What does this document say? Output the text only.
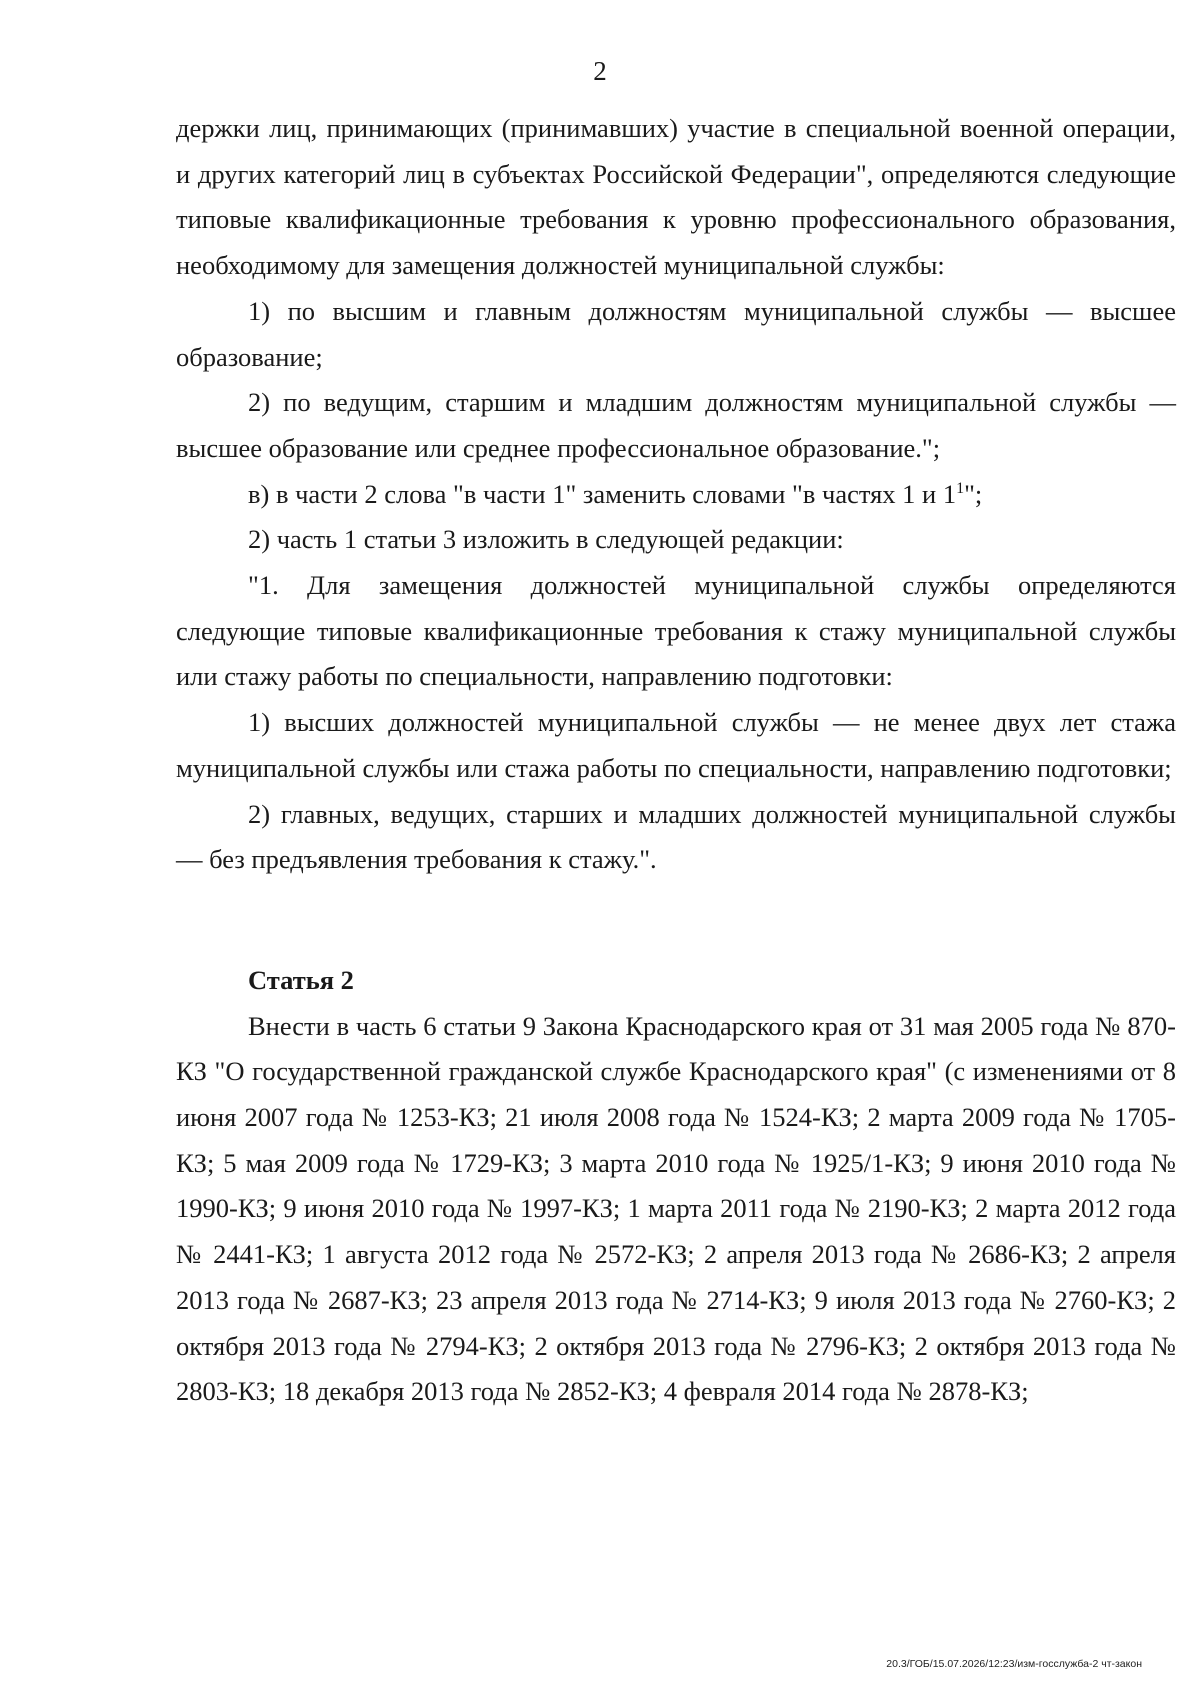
2

держки лиц, принимающих (принимавших) участие в специальной военной операции, и других категорий лиц в субъектах Российской Федерации", определяются следующие типовые квалификационные требования к уровню профессионального образования, необходимому для замещения должностей муниципальной службы:

1) по высшим и главным должностям муниципальной службы — высшее образование;

2) по ведущим, старшим и младшим должностям муниципальной службы — высшее образование или среднее профессиональное образование.";

в) в части 2 слова "в части 1" заменить словами "в частях 1 и $1^1$";

2) часть 1 статьи 3 изложить в следующей редакции:

"1. Для замещения должностей муниципальной службы определяются следующие типовые квалификационные требования к стажу муниципальной службы или стажу работы по специальности, направлению подготовки:

1) высших должностей муниципальной службы — не менее двух лет стажа муниципальной службы или стажа работы по специальности, направлению подготовки;

2) главных, ведущих, старших и младших должностей муниципальной службы — без предъявления требования к стажу.".

Статья 2

Внести в часть 6 статьи 9 Закона Краснодарского края от 31 мая 2005 года № 870-КЗ "О государственной гражданской службе Краснодарского края" (с изменениями от 8 июня 2007 года № 1253-КЗ; 21 июля 2008 года № 1524-КЗ; 2 марта 2009 года № 1705-КЗ; 5 мая 2009 года № 1729-КЗ; 3 марта 2010 года № 1925/1-КЗ; 9 июня 2010 года № 1990-КЗ; 9 июня 2010 года № 1997-КЗ; 1 марта 2011 года № 2190-КЗ; 2 марта 2012 года № 2441-КЗ; 1 августа 2012 года № 2572-КЗ; 2 апреля 2013 года № 2686-КЗ; 2 апреля 2013 года № 2687-КЗ; 23 апреля 2013 года № 2714-КЗ; 9 июля 2013 года № 2760-КЗ; 2 октября 2013 года № 2794-КЗ; 2 октября 2013 года № 2796-КЗ; 2 октября 2013 года № 2803-КЗ; 18 декабря 2013 года № 2852-КЗ; 4 февраля 2014 года № 2878-КЗ;

20.3/ГОБ/15.07.2026/12:23/изм-госслужба-2 чт-закон
